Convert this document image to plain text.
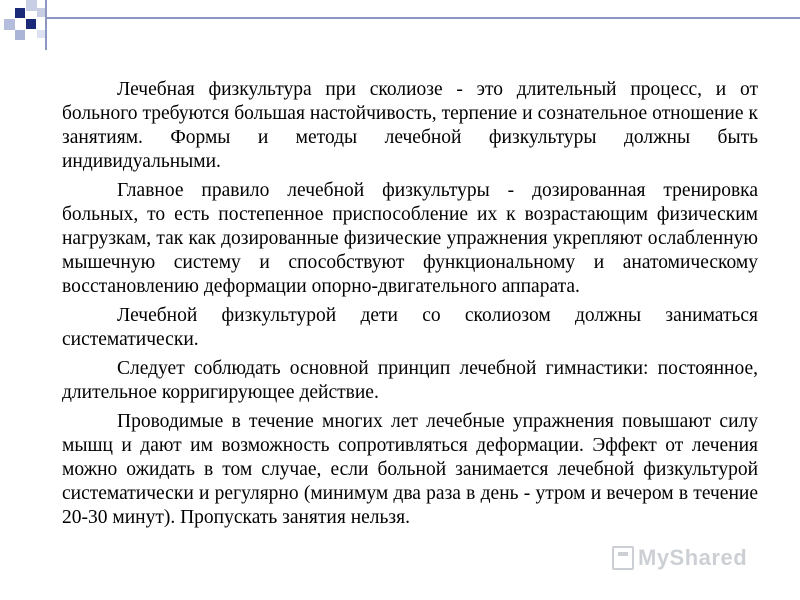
Лечебная физкультура при сколиозе - это длительный процесс, и от больного требуются большая настойчивость, терпение и сознательное отношение к занятиям. Формы и методы лечебной физкультуры должны быть индивидуальными.

Главное правило лечебной физкультуры - дозированная тренировка больных, то есть постепенное приспособление их к возрастающим физическим нагрузкам, так как дозированные физические упражнения укрепляют ослабленную мышечную систему и способствуют функциональному и анатомическому восстановлению деформации опорно-двигательного аппарата.

Лечебной физкультурой дети со сколиозом должны заниматься систематически.

Следует соблюдать основной принцип лечебной гимнастики: постоянное, длительное корригирующее действие.

Проводимые в течение многих лет лечебные упражнения повышают силу мышц и дают им возможность сопротивляться деформации. Эффект от лечения можно ожидать в том случае, если больной занимается лечебной физкультурой систематически и регулярно (минимум два раза в день - утром и вечером в течение 20-30 минут). Пропускать занятия нельзя.

MyShared
